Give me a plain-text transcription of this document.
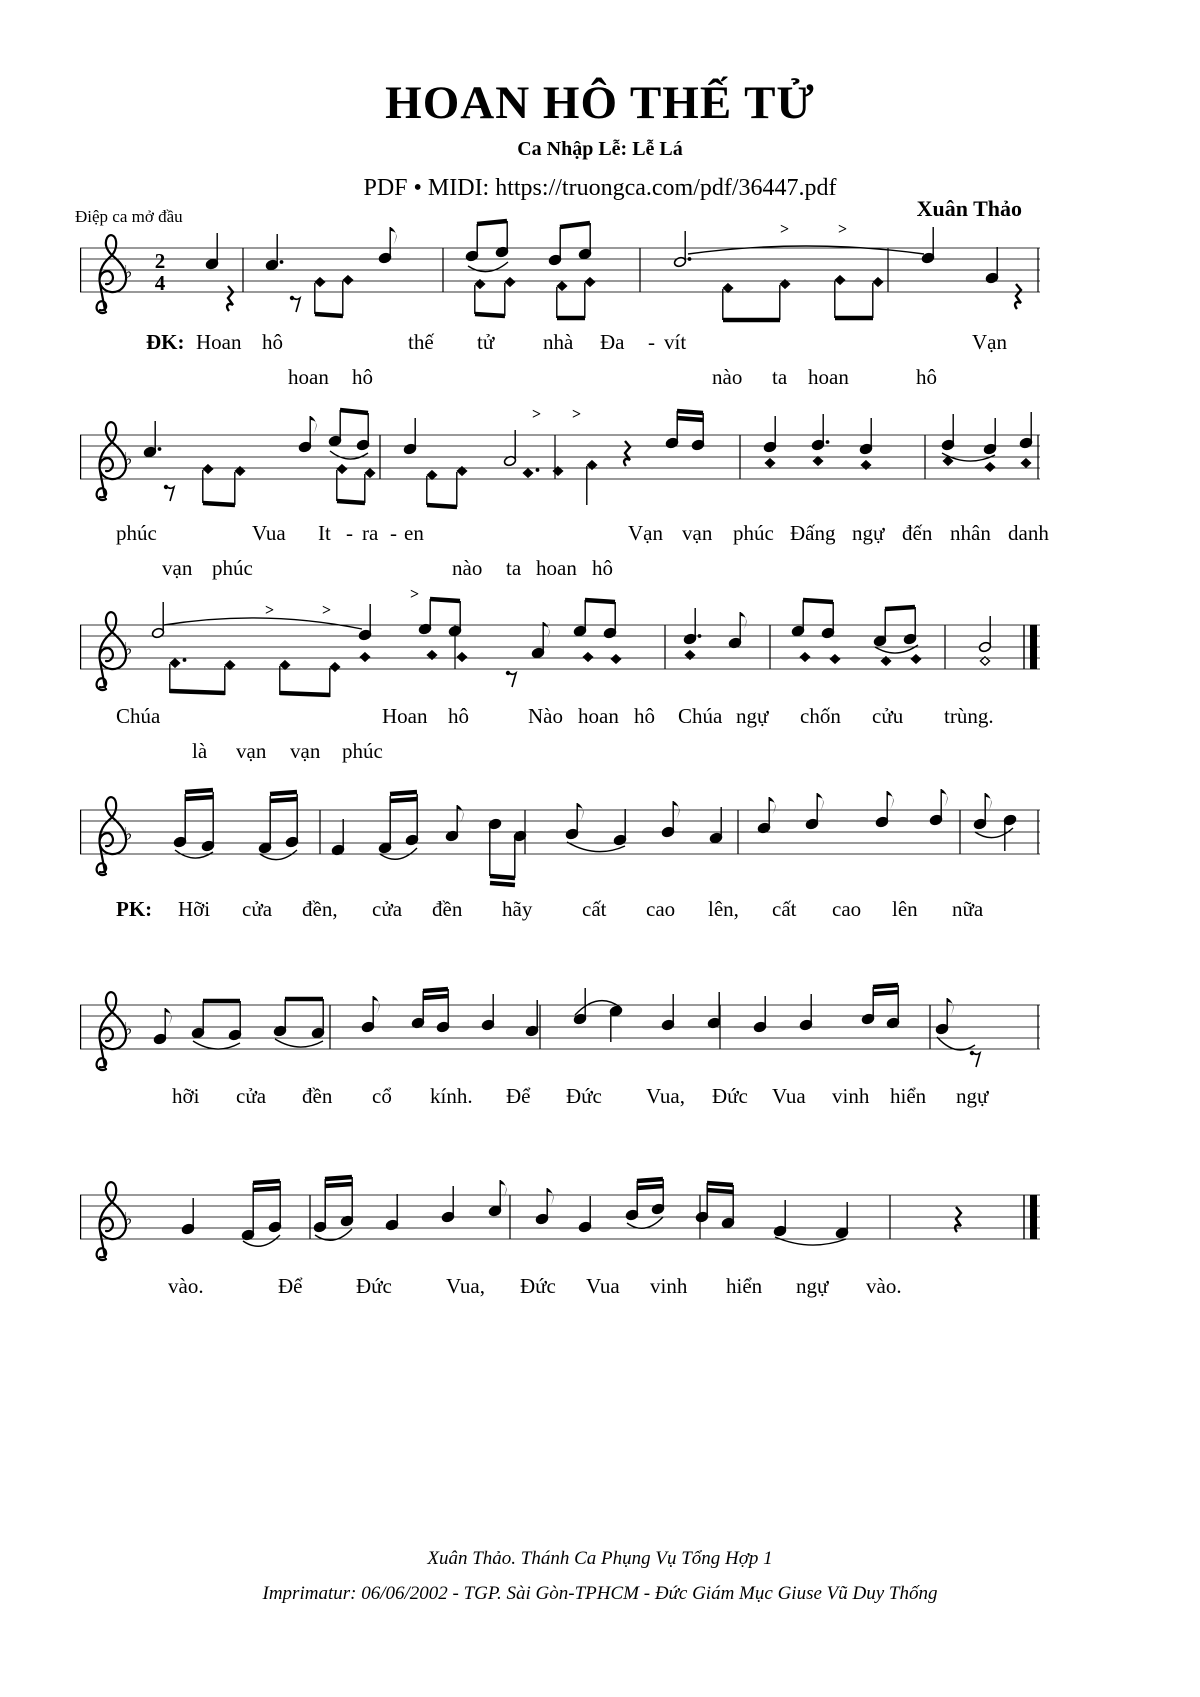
HOAN HÔ THẾ TỬ
Ca Nhập Lễ: Lễ Lá
PDF • MIDI: https://truongca.com/pdf/36447.pdf
Xuân Thảo
Điệp ca mở đầu
♭ 2
4
>	>
♭
> >
♭
>	>
>
♭
♭
♭
ĐK: Hoan hô	thế tử nhà Đa - vít	Vạn
hoan hô	nào ta hoan	hô
phúc	Vua It - ra - en	Vạn vạn phúc Đấng ngự đến nhân danh
vạn phúc	nào ta hoan hô
Chúa	Hoan hô	Nào hoan hô Chúa ngự chốn cửu trùng.
là vạn vạn phúc
PK: Hỡi cửa đền, cửa đền hãy cất cao lên, cất cao lên nữa
hỡi cửa đền cổ kính. Để Đức Vua, Đức Vua vinh hiển ngự
vào.	Để	Đức	Vua, Đức Vua vinh hiển ngự vào.
Xuân Thảo. Thánh Ca Phụng Vụ Tổng Hợp 1
Imprimatur: 06/06/2002 - TGP. Sài Gòn-TPHCM - Đức Giám Mục Giuse Vũ Duy Thống
